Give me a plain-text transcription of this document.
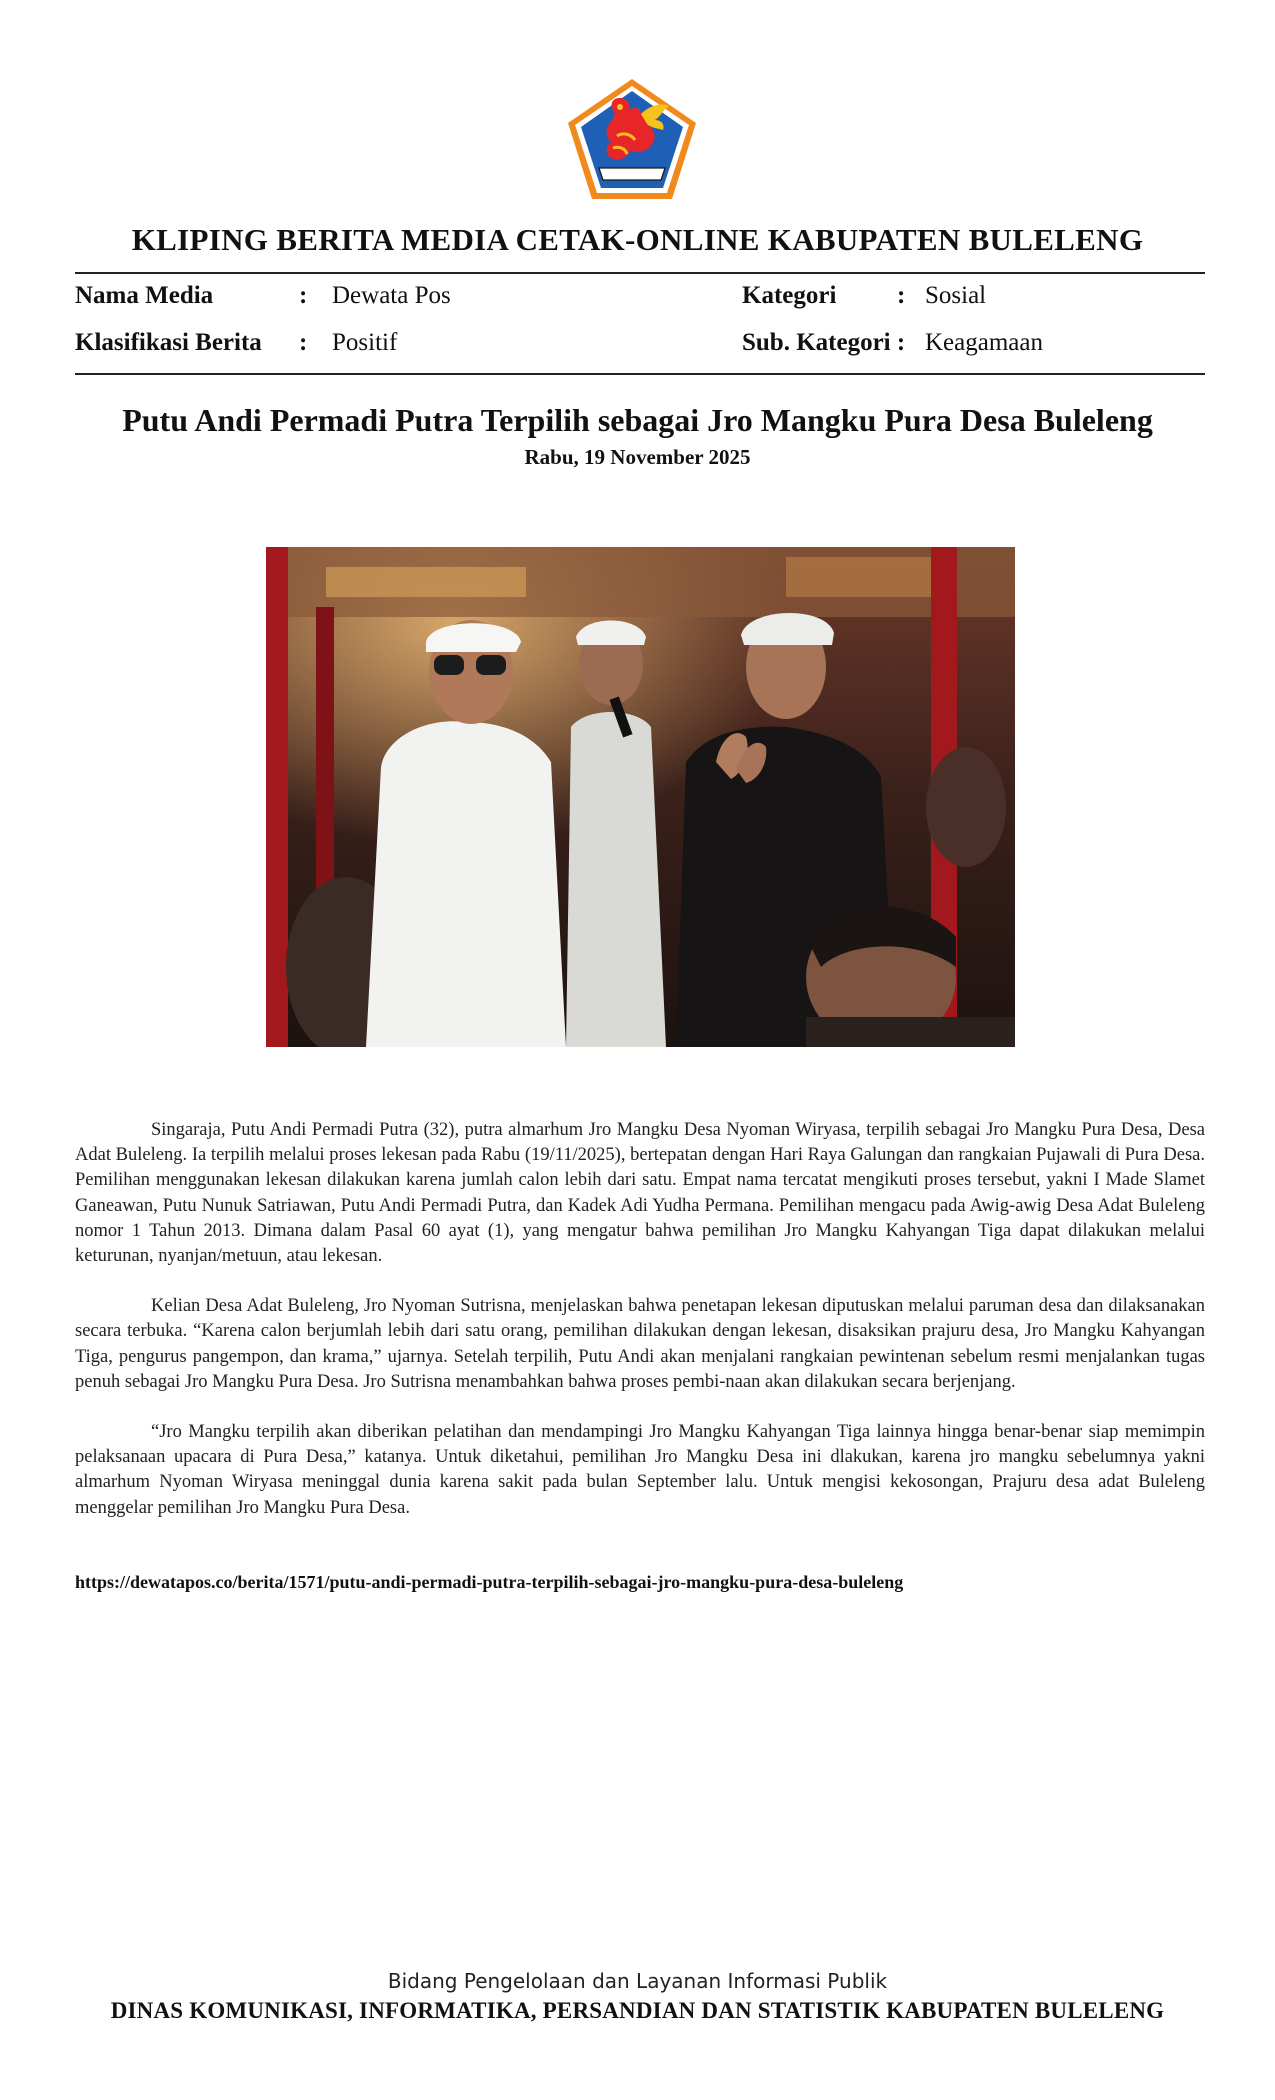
KLIPING BERITA MEDIA CETAK-ONLINE KABUPATEN BULELENG
Nama Media	: Dewata Pos	Kategori : Sosial
Klasifikasi Berita : Positif	Sub. Kategori : Keagamaan
Putu Andi Permadi Putra Terpilih sebagai Jro Mangku Pura Desa Buleleng
Rabu, 19 November 2025

Singaraja, Putu Andi Permadi Putra (32), putra almarhum Jro Mangku Desa Nyoman Wiryasa, terpilih sebagai Jro Mangku Pura Desa, Desa Adat Buleleng. Ia terpilih melalui proses lekesan pada Rabu (19/11/2025), bertepatan dengan Hari Raya Galungan dan rangkaian Pujawali di Pura Desa. Pemilihan menggunakan lekesan dilakukan karena jumlah calon lebih dari satu. Empat nama tercatat mengikuti proses tersebut, yakni I Made Slamet Ganeawan, Putu Nunuk Satriawan, Putu Andi Permadi Putra, dan Kadek Adi Yudha Permana. Pemilihan mengacu pada Awig-awig Desa Adat Buleleng nomor 1 Tahun 2013. Dimana dalam Pasal 60 ayat (1), yang mengatur bahwa pemilihan Jro Mangku Kahyangan Tiga dapat dilakukan melalui keturunan, nyanjan/metuun, atau lekesan.

Kelian Desa Adat Buleleng, Jro Nyoman Sutrisna, menjelaskan bahwa penetapan lekesan diputuskan melalui paruman desa dan dilaksanakan secara terbuka. “Karena calon berjumlah lebih dari satu orang, pemilihan dilakukan dengan lekesan, disaksikan prajuru desa, Jro Mangku Kahyangan Tiga, pengurus pangempon, dan krama,” ujarnya. Setelah terpilih, Putu Andi akan menjalani rangkaian pewintenan sebelum resmi menjalankan tugas penuh sebagai Jro Mangku Pura Desa. Jro Sutrisna menambahkan bahwa proses pembi-naan akan dilakukan secara berjenjang.

“Jro Mangku terpilih akan diberikan pelatihan dan mendampingi Jro Mangku Kahyangan Tiga lainnya hingga benar-benar siap memimpin pelaksanaan upacara di Pura Desa,” katanya. Untuk diketahui, pemilihan Jro Mangku Desa ini dlakukan, karena jro mangku sebelumnya yakni almarhum Nyoman Wiryasa meninggal dunia karena sakit pada bulan September lalu. Untuk mengisi kekosongan, Prajuru desa adat Buleleng menggelar pemilihan Jro Mangku Pura Desa.

https://dewatapos.co/berita/1571/putu-andi-permadi-putra-terpilih-sebagai-jro-mangku-pura-desa-buleleng
Bidang Pengelolaan dan Layanan Informasi Publik
DINAS KOMUNIKASI, INFORMATIKA, PERSANDIAN DAN STATISTIK KABUPATEN BULELENG
